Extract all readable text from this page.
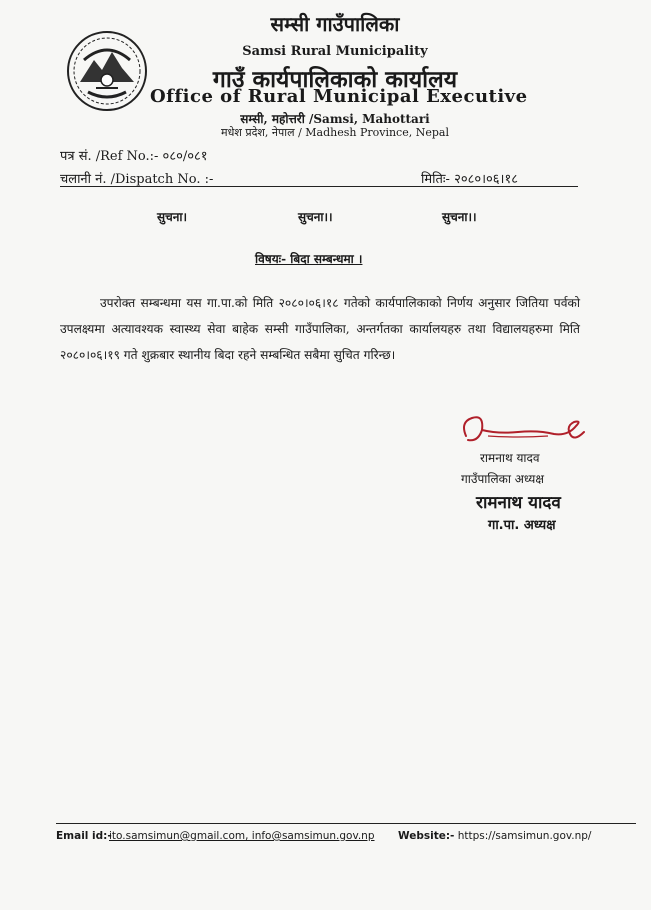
सम्सी गाउँपालिका
Samsi Rural Municipality
गाउँ कार्यपालिकाको कार्यालय
Office of Rural Municipal Executive
सम्सी, महोत्तरी /Samsi, Mahottari
मधेश प्रदेश, नेपाल / Madhesh Province, Nepal
पत्र सं. /Ref No.:- ०८०/०८१
चलानी नं. /Dispatch No. :-	मितिः- २०८०।०६।१८
सुचना।	सुचना।।	सुचना।।
विषयः- बिदा सम्बन्धमा ।
उपरोक्त सम्बन्धमा यस गा.पा.को मिति २०८०।०६।१८ गतेको कार्यपालिकाको निर्णय अनुसार जितिया पर्वको उपलक्ष्यमा अत्यावश्यक स्वास्थ्य सेवा बाहेक सम्सी गाउँपालिका, अन्तर्गतका कार्यालयहरु तथा विद्यालयहरुमा मिति २०८०।०६।१९ गते शुक्रबार स्थानीय बिदा रहने सम्बन्धित सबैमा सुचित गरिन्छ।
रामनाथ यादव
गाउँपालिका अध्यक्ष
रामनाथ यादव
गा.पा. अध्यक्ष
Email id:-
ito.samsimun@gmail.com, info@samsimun.gov.np Website:- https://samsimun.gov.np/
